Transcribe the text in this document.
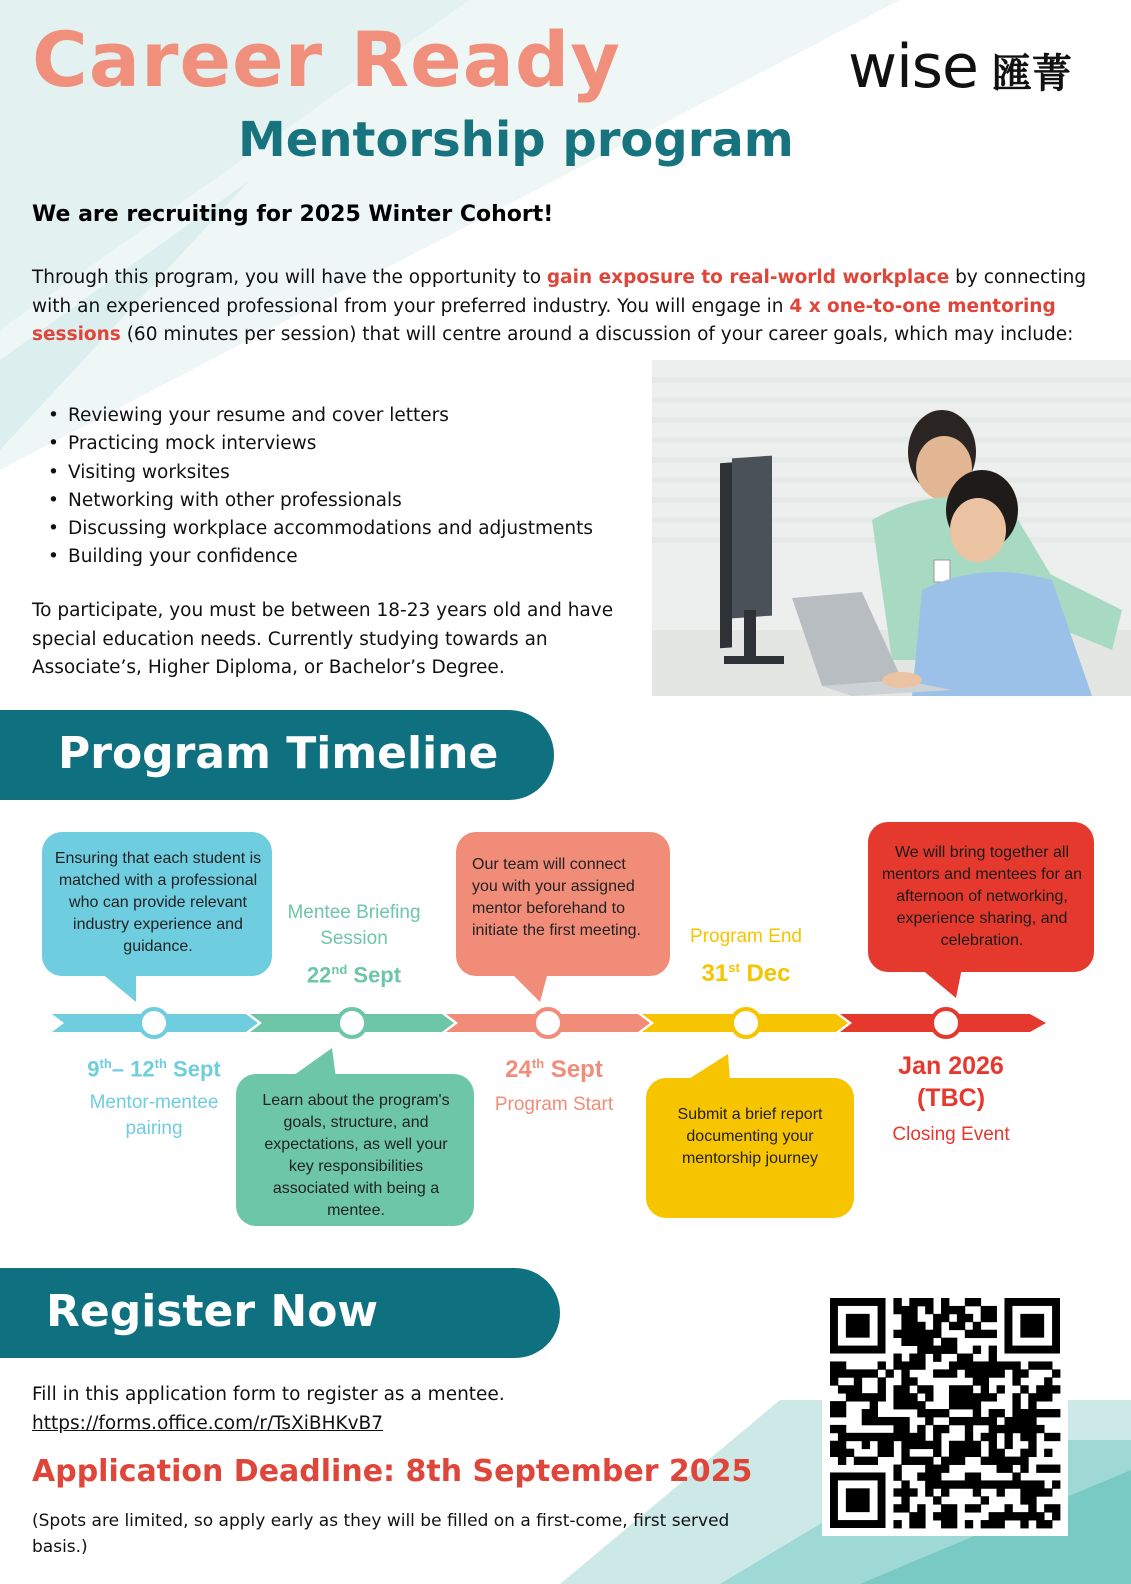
Career Ready
Mentorship program
wise 匯菁
We are recruiting for 2025 Winter Cohort!

Through this program, you will have the opportunity to gain exposure to real-world workplace by connecting with an experienced professional from your preferred industry. You will engage in 4 x one-to-one mentoring sessions (60 minutes per session) that will centre around a discussion of your career goals, which may include:

• Reviewing your resume and cover letters
• Practicing mock interviews
• Visiting worksites
• Networking with other professionals
• Discussing workplace accommodations and adjustments
• Building your confidence

To participate, you must be between 18-23 years old and have special education needs. Currently studying towards an Associate’s, Higher Diploma, or Bachelor’s Degree.

Program Timeline
Ensuring that each student is matched with a professional who can provide relevant industry experience and guidance.
Learn about the program's goals, structure, and expectations, as well your key responsibilities associated with being a mentee.
Our team will connect you with your assigned mentor beforehand to initiate the first meeting.
Submit a brief report documenting your mentorship journey
We will bring together all mentors and mentees for an afternoon of networking, experience sharing, and celebration.
9th– 12th Sept
Mentor-mentee pairing
Mentee Briefing Session
22nd Sept
24th Sept
Program Start
Program End
31st Dec
Jan 2026
(TBC)
Closing Event
Register Now
Fill in this application form to register as a mentee.
https://forms.office.com/r/TsXiBHKvB7
Application Deadline: 8th September 2025
(Spots are limited, so apply early as they will be filled on a first-come, first served basis.)
